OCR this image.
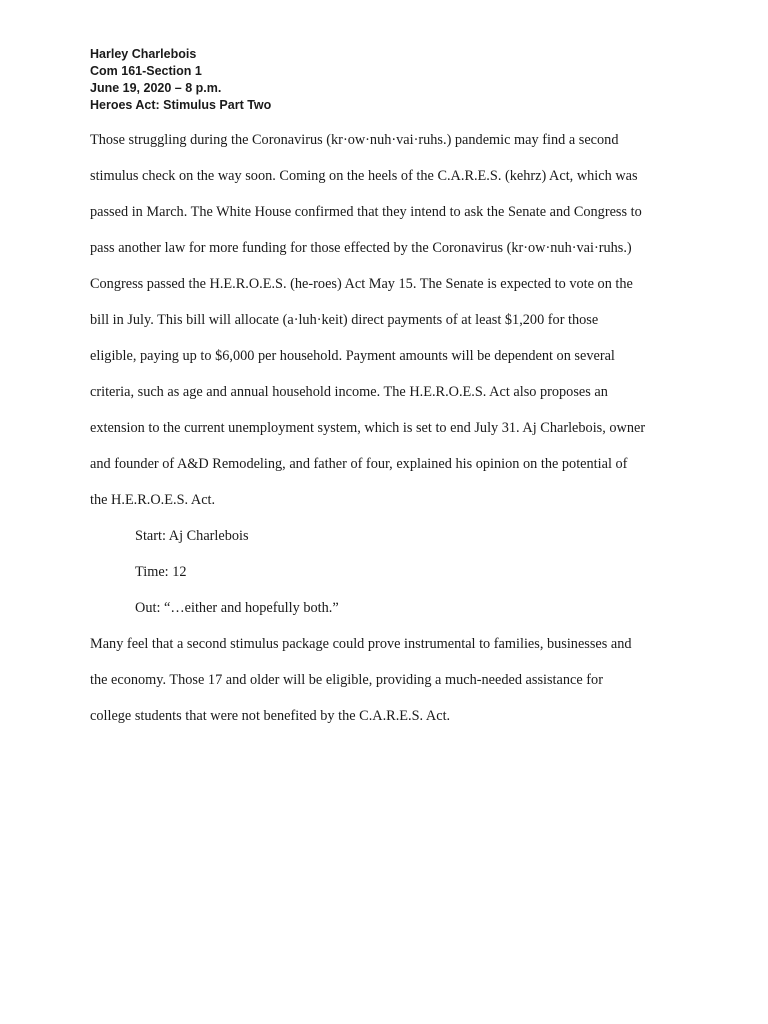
Harley Charlebois
Com 161-Section 1
June 19, 2020 – 8 p.m.
Heroes Act: Stimulus Part Two
Those struggling during the Coronavirus (kr·ow·nuh·vai·ruhs.) pandemic may find a second
stimulus check on the way soon. Coming on the heels of the C.A.R.E.S. (kehrz) Act, which was
passed in March. The White House confirmed that they intend to ask the Senate and Congress to
pass another law for more funding for those effected by the Coronavirus (kr·ow·nuh·vai·ruhs.)
Congress passed the H.E.R.O.E.S. (he-roes) Act May 15. The Senate is expected to vote on the
bill in July. This bill will allocate (a·luh·keit) direct payments of at least $1,200 for those
eligible, paying up to $6,000 per household. Payment amounts will be dependent on several
criteria, such as age and annual household income. The H.E.R.O.E.S. Act also proposes an
extension to the current unemployment system, which is set to end July 31. Aj Charlebois, owner
and founder of A&D Remodeling, and father of four, explained his opinion on the potential of
the H.E.R.O.E.S. Act.
Start: Aj Charlebois
Time: 12
Out: “…either and hopefully both.”
Many feel that a second stimulus package could prove instrumental to families, businesses and
the economy. Those 17 and older will be eligible, providing a much-needed assistance for
college students that were not benefited by the C.A.R.E.S. Act.
